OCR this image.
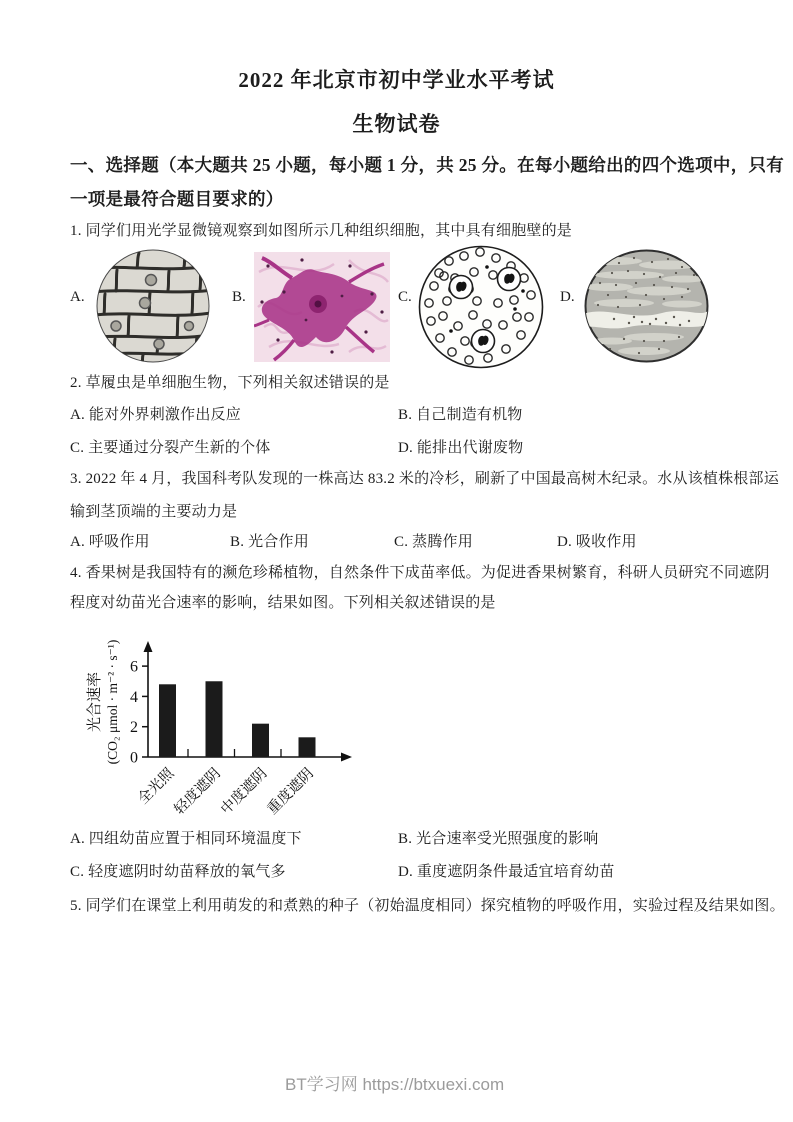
2022 年北京市初中学业水平考试
生物试卷
一、选择题（本大题共 25 小题，每小题 1 分，共 25 分。在每小题给出的四个选项中，只有
一项是最符合题目要求的）
1. 同学们用光学显微镜观察到如图所示几种组织细胞，其中具有细胞壁的是
A.	B.	C.	D.
2. 草履虫是单细胞生物，下列相关叙述错误的是
A. 能对外界刺激作出反应	B. 自己制造有机物
C. 主要通过分裂产生新的个体	D. 能排出代谢废物
3. 2022 年 4 月，我国科考队发现的一株高达 83.2 米的冷杉，刷新了中国最高树木纪录。水从该植株根部运
输到茎顶端的主要动力是
A. 呼吸作用	B. 光合作用	C. 蒸腾作用	D. 吸收作用
4. 香果树是我国特有的濒危珍稀植物，自然条件下成苗率低。为促进香果树繁育，科研人员研究不同遮阴
程度对幼苗光合速率的影响，结果如图。下列相关叙述错误的是
0
2
4
6
全光照
轻度遮阴
中度遮阴
重度遮阴
光合速率 (CO₂ μmol · m⁻² · s⁻¹)
A. 四组幼苗应置于相同环境温度下	B. 光合速率受光照强度的影响
C. 轻度遮阴时幼苗释放的氧气多	D. 重度遮阴条件最适宜培育幼苗
5. 同学们在课堂上利用萌发的和煮熟的种子（初始温度相同）探究植物的呼吸作用，实验过程及结果如图。
BT学习网 https://btxuexi.com
